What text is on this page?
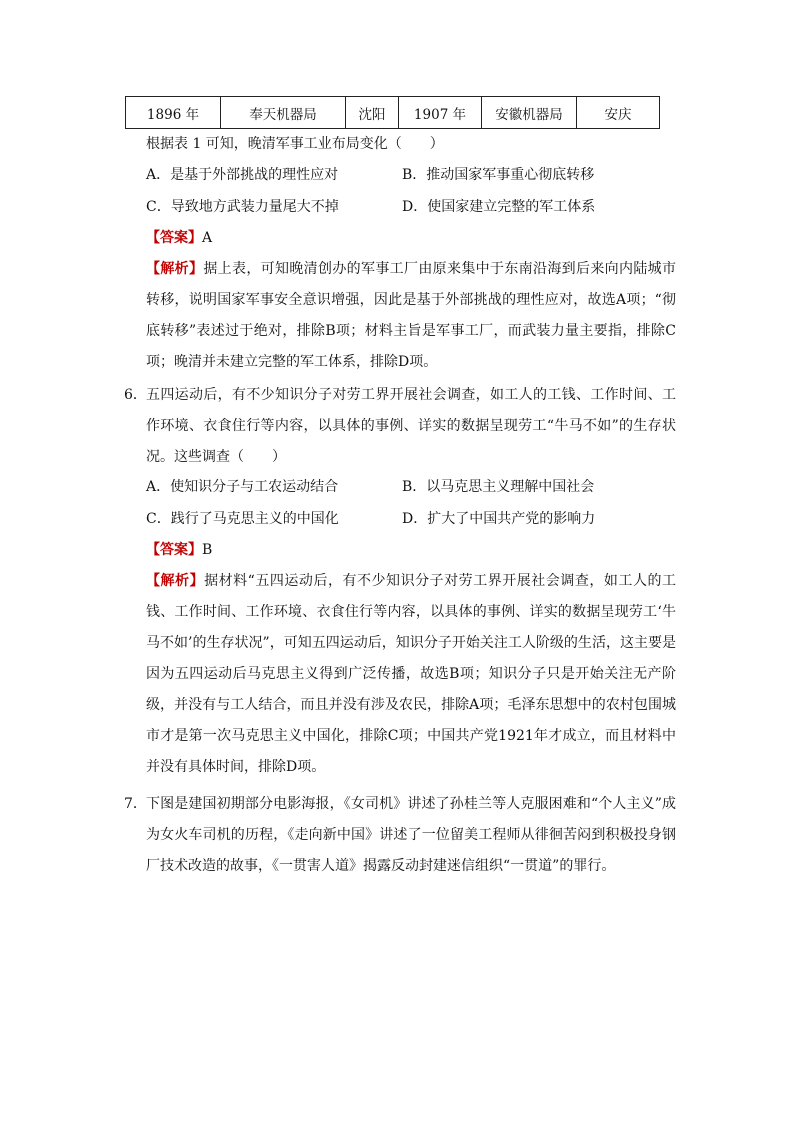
1896 年	奉天机器局	沈阳	1907 年	安徽机器局	安庆
根据表 1 可知，晚清军事工业布局变化（　　）
A．是基于外部挑战的理性应对	B．推动国家军事重心彻底转移
C．导致地方武装力量尾大不掉	D．使国家建立完整的军工体系
【答案】A
【解析】据上表，可知晚清创办的军事工厂由原来集中于东南沿海到后来向内陆城市转移，说明国家军事安全意识增强，因此是基于外部挑战的理性应对，故选A项；“彻底转移”表述过于绝对，排除B项；材料主旨是军事工厂，而武装力量主要指，排除C项；晚清并未建立完整的军工体系，排除D项。
6． 五四运动后，有不少知识分子对劳工界开展社会调查，如工人的工钱、工作时间、工作环境、衣食住行等内容，以具体的事例、详实的数据呈现劳工“牛马不如”的生存状况。这些调查（　　）
A．使知识分子与工农运动结合	B．以马克思主义理解中国社会
C．践行了马克思主义的中国化	D．扩大了中国共产党的影响力
【答案】B
【解析】据材料“五四运动后，有不少知识分子对劳工界开展社会调查，如工人的工钱、工作时间、工作环境、衣食住行等内容，以具体的事例、详实的数据呈现劳工‘牛马不如’的生存状况”，可知五四运动后，知识分子开始关注工人阶级的生活，这主要是因为五四运动后马克思主义得到广泛传播，故选B项；知识分子只是开始关注无产阶级，并没有与工人结合，而且并没有涉及农民，排除A项；毛泽东思想中的农村包围城市才是第一次马克思主义中国化，排除C项；中国共产党1921年才成立，而且材料中并没有具体时间，排除D项。
7． 下图是建国初期部分电影海报，《女司机》讲述了孙桂兰等人克服困难和“个人主义”成为女火车司机的历程，《走向新中国》讲述了一位留美工程师从徘徊苦闷到积极投身钢厂技术改造的故事，《一贯害人道》揭露反动封建迷信组织“一贯道”的罪行。
